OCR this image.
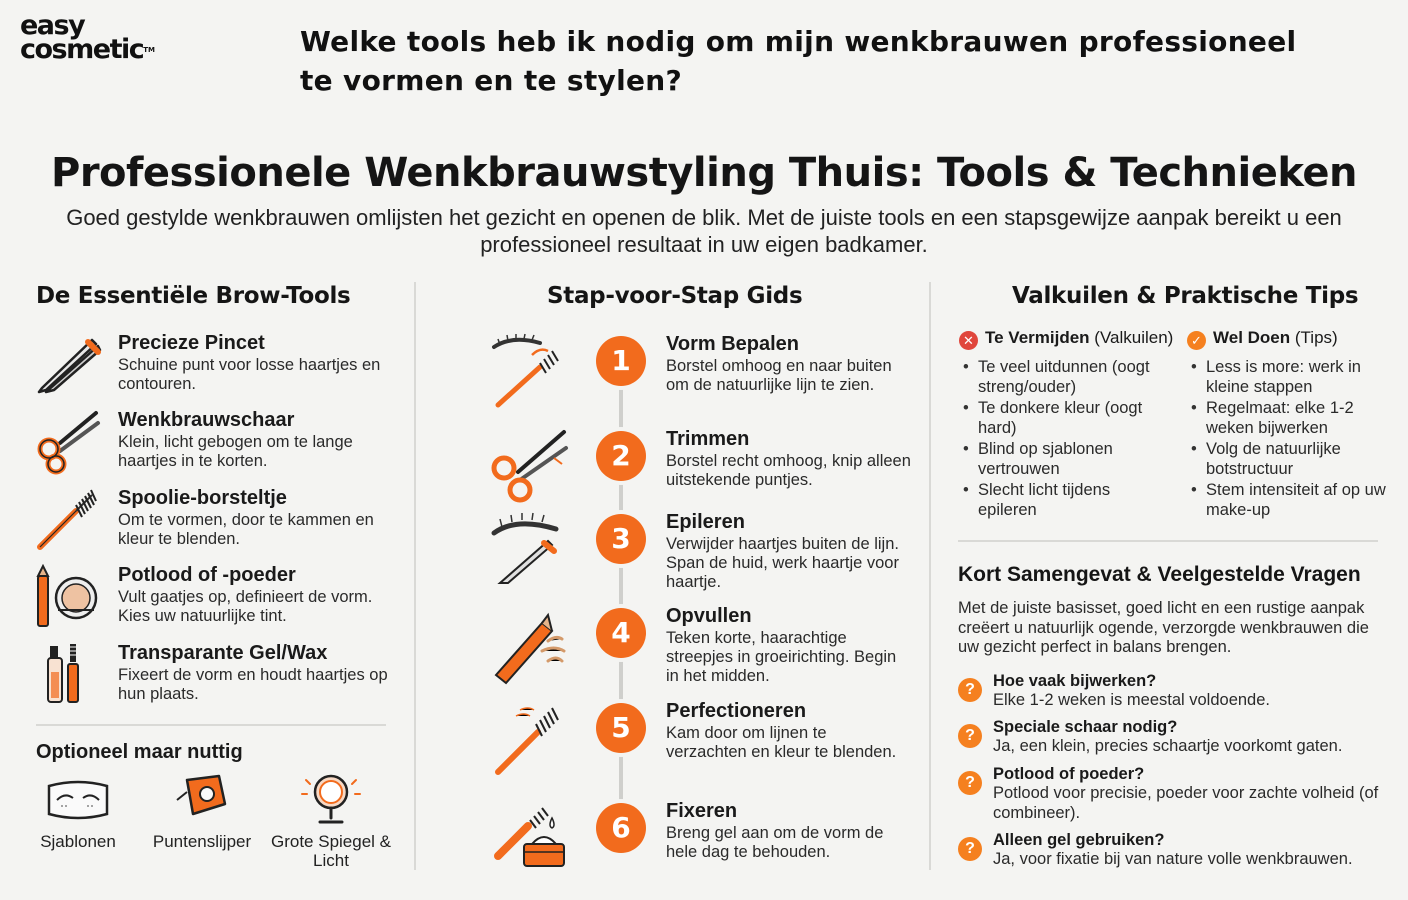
easy
cosmetic™	Welke tools heb ik nodig om mijn wenkbrauwen professioneel te vormen en te stylen?
Professionele Wenkbrauwstyling Thuis: Tools & Technieken
Goed gestylde wenkbrauwen omlijsten het gezicht en openen de blik. Met de juiste tools en een stapsgewijze aanpak bereikt u een professioneel resultaat in uw eigen badkamer.
De Essentiële Brow-Tools
Precieze Pincet
Schuine punt voor losse haartjes en contouren.
Wenkbrauwschaar
Klein, licht gebogen om te lange haartjes in te korten.
Spoolie-borsteltje
Om te vormen, door te kammen en kleur te blenden.
Potlood of -poeder
Vult gaatjes op, definieert de vorm. Kies uw natuurlijke tint.
Transparante Gel/Wax
Fixeert de vorm en houdt haartjes op hun plaats.
Optioneel maar nuttig
Sjablonen	Puntenslijper	Grote Spiegel & Licht
Stap-voor-Stap Gids
1	Vorm Bepalen
Borstel omhoog en naar buiten om de natuurlijke lijn te zien.
2	Trimmen
Borstel recht omhoog, knip alleen uitstekende puntjes.
3	Epileren
Verwijder haartjes buiten de lijn. Span de huid, werk haartje voor haartje.
4	Opvullen
Teken korte, haarachtige streepjes in groeirichting. Begin in het midden.
5	Perfectioneren
Kam door om lijnen te verzachten en kleur te blenden.
6	Fixeren
Breng gel aan om de vorm de hele dag te behouden.
Valkuilen & Praktische Tips
✕ Te Vermijden (Valkuilen)
• Te veel uitdunnen (oogt streng/ouder)
• Te donkere kleur (oogt hard)
• Blind op sjablonen vertrouwen
• Slecht licht tijdens epileren
✓ Wel Doen (Tips)
• Less is more: werk in kleine stappen
• Regelmaat: elke 1-2 weken bijwerken
• Volg de natuurlijke botstructuur
• Stem intensiteit af op uw make-up
Kort Samengevat & Veelgestelde Vragen
Met de juiste basisset, goed licht en een rustige aanpak creëert u natuurlijk ogende, verzorgde wenkbrauwen die uw gezicht perfect in balans brengen.
?	Hoe vaak bijwerken?
Elke 1-2 weken is meestal voldoende.
?	Speciale schaar nodig?
Ja, een klein, precies schaartje voorkomt gaten.
?	Potlood of poeder?
Potlood voor precisie, poeder voor zachte volheid (of combineer).
?	Alleen gel gebruiken?
Ja, voor fixatie bij van nature volle wenkbrauwen.
